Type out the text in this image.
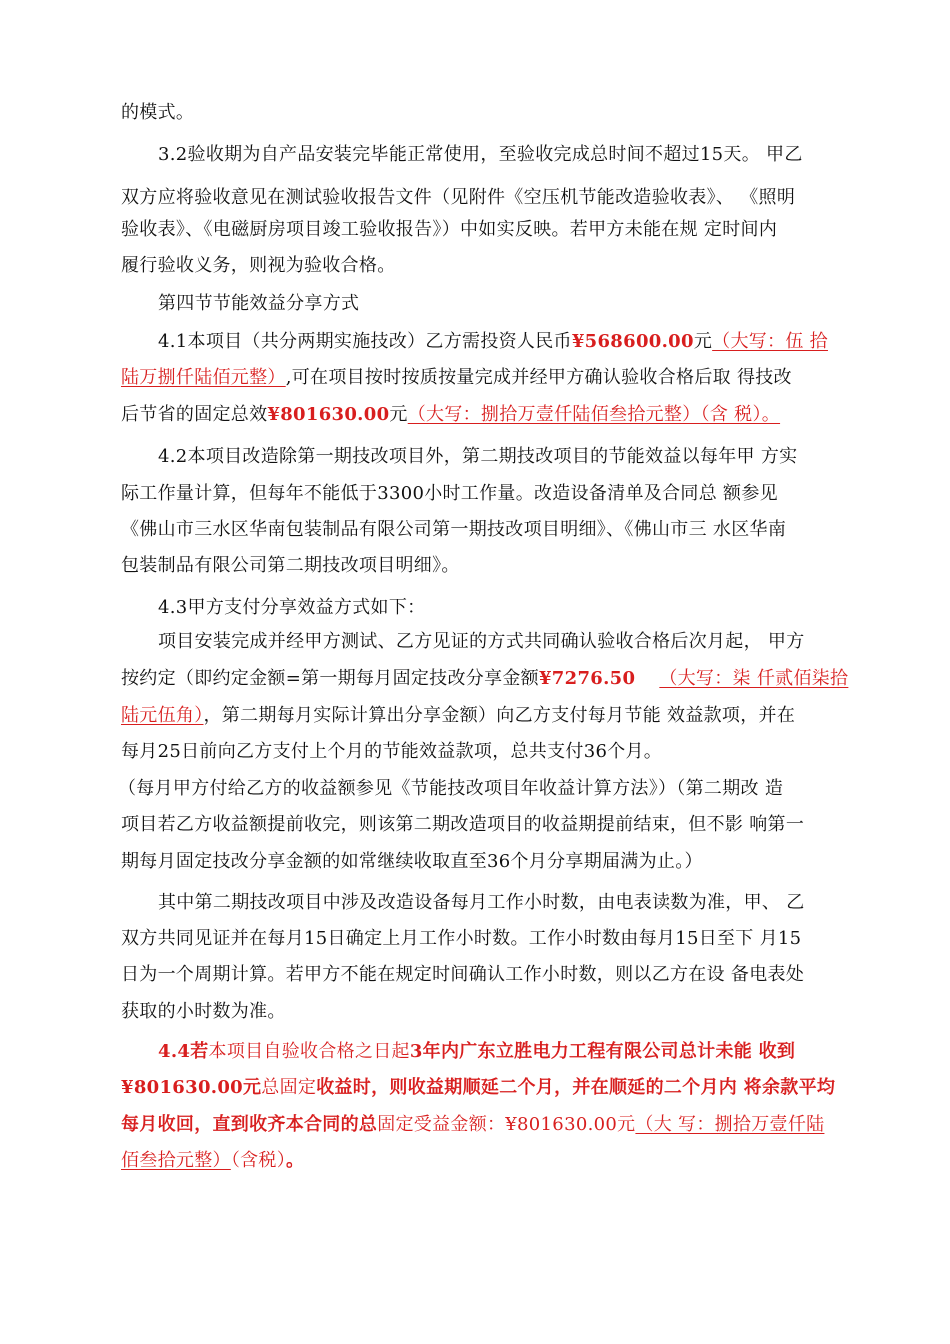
的模式。
3.2验收期为自产品安装完毕能正常使用，至验收完成总时间不超过15天。 甲乙
双方应将验收意见在测试验收报告文件（见附件《空压机节能改造验收表》、 《照明
验收表》、《电磁厨房项目竣工验收报告》）中如实反映。若甲方未能在规 定时间内
履行验收义务，则视为验收合格。
第四节节能效益分享方式
4.1本项目（共分两期实施技改）乙方需投资人民币¥568600.00元（大写：伍 拾
陆万捌仟陆佰元整）,可在项目按时按质按量完成并经甲方确认验收合格后取 得技改
后节省的固定总效¥801630.00元（大写：捌拾万壹仟陆佰叁拾元整）（含 税）。
4.2本项目改造除第一期技改项目外，第二期技改项目的节能效益以每年甲 方实
际工作量计算，但每年不能低于3300小时工作量。改造设备清单及合同总 额参见
《佛山市三水区华南包装制品有限公司第一期技改项目明细》、《佛山市三 水区华南
包装制品有限公司第二期技改项目明细》。
4.3甲方支付分享效益方式如下：
项目安装完成并经甲方测试、乙方见证的方式共同确认验收合格后次月起， 甲方
按约定（即约定金额=第一期每月固定技改分享金额¥7276.50 （大写：柒 仟贰佰柒拾
陆元伍角），第二期每月实际计算出分享金额）向乙方支付每月节能 效益款项，并在
每月25日前向乙方支付上个月的节能效益款项，总共支付36个月。
（每月甲方付给乙方的收益额参见《节能技改项目年收益计算方法》）（第二期改 造
项目若乙方收益额提前收完，则该第二期改造项目的收益期提前结束，但不影 响第一
期每月固定技改分享金额的如常继续收取直至36个月分享期届满为止。）
其中第二期技改项目中涉及改造设备每月工作小时数，由电表读数为准，甲、 乙
双方共同见证并在每月15日确定上月工作小时数。工作小时数由每月15日至下 月15
日为一个周期计算。若甲方不能在规定时间确认工作小时数，则以乙方在设 备电表处
获取的小时数为准。
4.4若本项目自验收合格之日起3年内广东立胜电力工程有限公司总计未能 收到
¥801630.00元总固定收益时，则收益期顺延二个月，并在顺延的二个月内 将余款平均
每月收回，直到收齐本合同的总固定受益金额：¥801630.00元（大 写：捌拾万壹仟陆
佰叁拾元整）（含税）。
